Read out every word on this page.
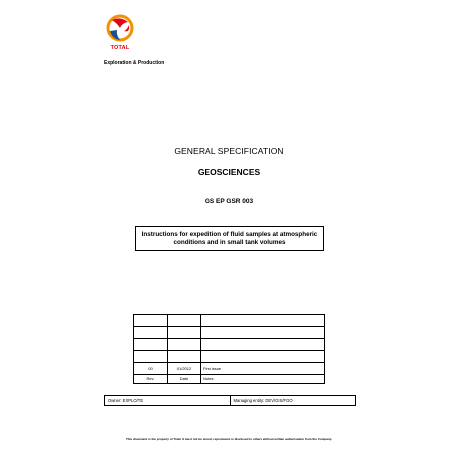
TOTAL
Exploration & Production
GENERAL SPECIFICATION
GEOSCIENCES
GS EP GSR 003
Instructions for expedition of fluid samples at atmospheric conditions and in small tank volumes

00	01/2012	First issue
Rev.	Date	Notes
Owner: EXPLO/TE	Managing entity: DEV/GIS/FGO
This document is the property of Total. It must not be stored, reproduced or disclosed to others without written authorisation from the Company.
